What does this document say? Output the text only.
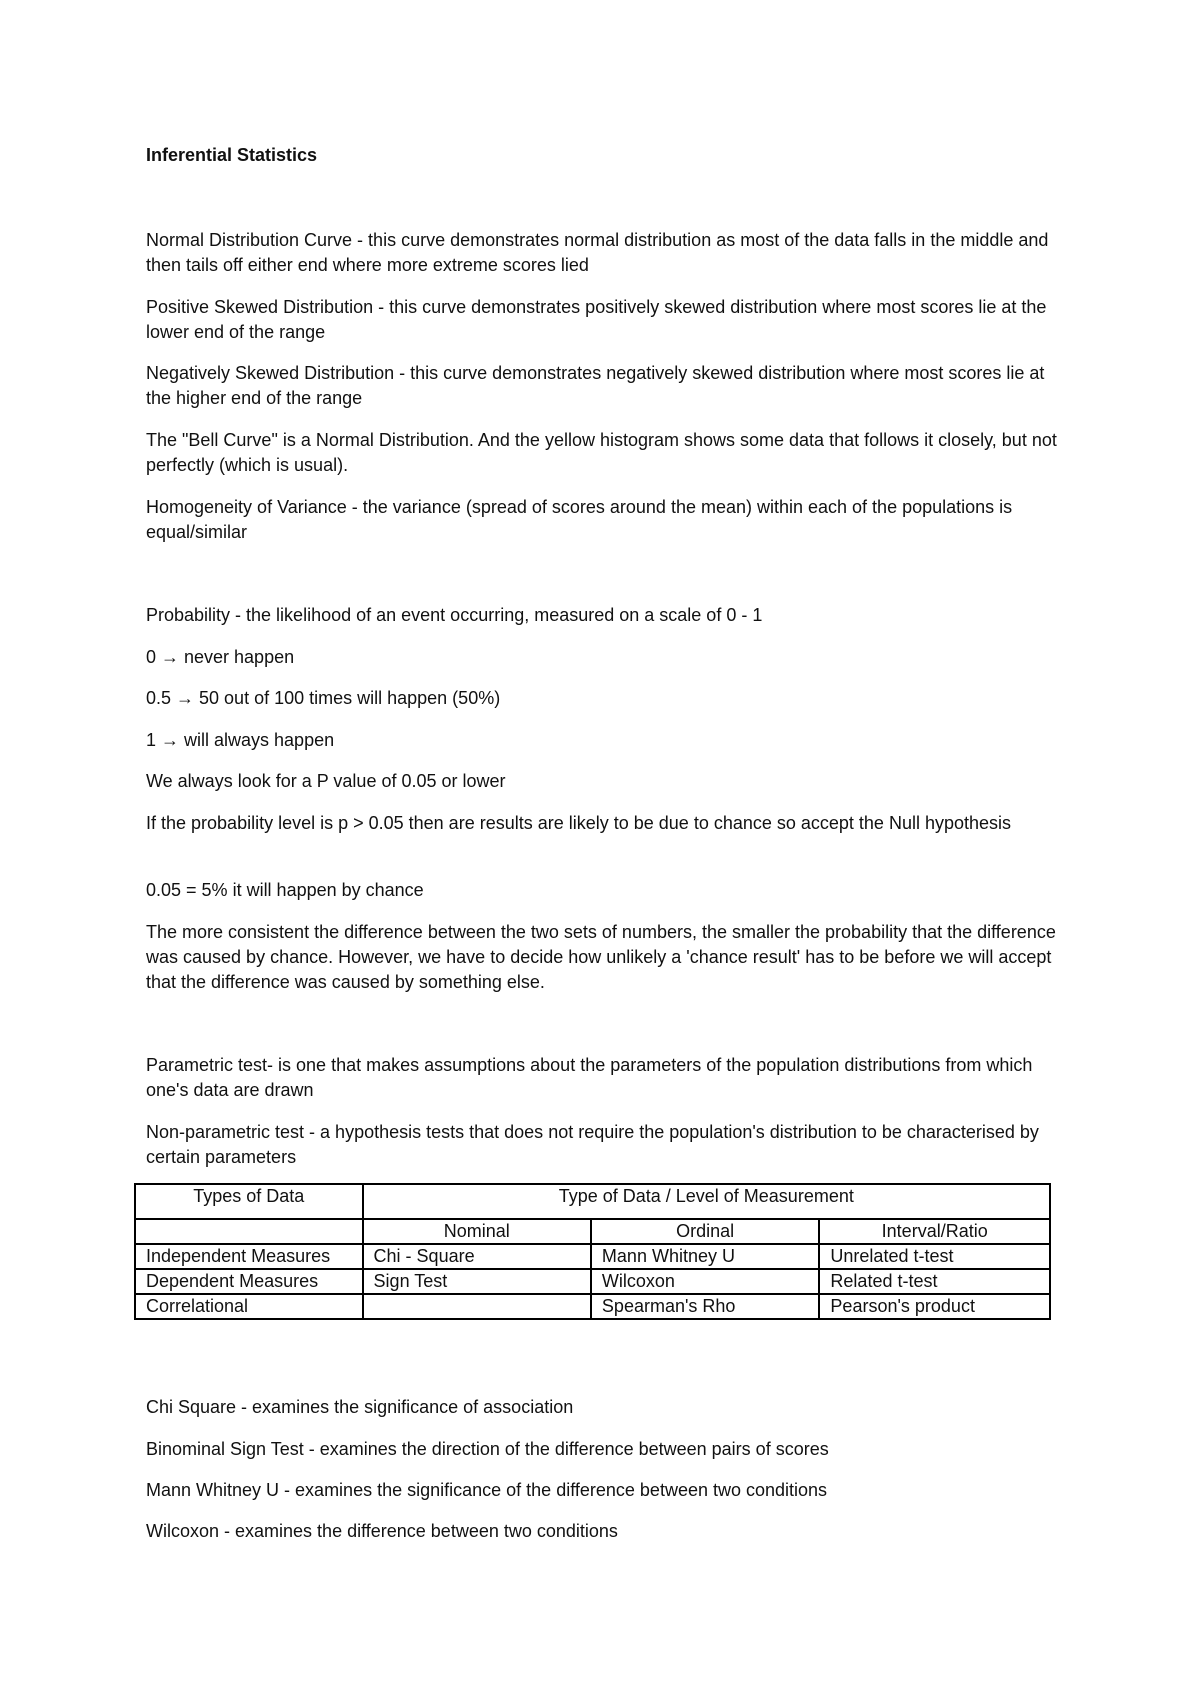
Inferential Statistics

Normal Distribution Curve - this curve demonstrates normal distribution as most of the data falls in the middle and then tails off either end where more extreme scores lied

Positive Skewed Distribution - this curve demonstrates positively skewed distribution where most scores lie at the lower end of the range

Negatively Skewed Distribution - this curve demonstrates negatively skewed distribution where most scores lie at the higher end of the range

The "Bell Curve" is a Normal Distribution. And the yellow histogram shows some data that follows it closely, but not perfectly (which is usual).

Homogeneity of Variance - the variance (spread of scores around the mean) within each of the populations is equal/similar

Probability - the likelihood of an event occurring, measured on a scale of 0 - 1

0 → never happen

0.5 → 50 out of 100 times will happen (50%)

1 → will always happen

We always look for a P value of 0.05 or lower

If the probability level is p > 0.05 then are results are likely to be due to chance so accept the Null hypothesis

0.05 = 5% it will happen by chance

The more consistent the difference between the two sets of numbers, the smaller the probability that the difference was caused by chance. However, we have to decide how unlikely a 'chance result' has to be before we will accept that the difference was caused by something else.

Parametric test- is one that makes assumptions about the parameters of the population distributions from which one's data are drawn

Non-parametric test - a hypothesis tests that does not require the population's distribution to be characterised by certain parameters

Types of Data	Type of Data / Level of Measurement		
	Nominal	Ordinal	Interval/Ratio
Independent Measures	Chi - Square	Mann Whitney U	Unrelated t-test
Dependent Measures	Sign Test	Wilcoxon	Related t-test
Correlational		Spearman's Rho	Pearson's product

Chi Square - examines the significance of association

Binominal Sign Test - examines the direction of the difference between pairs of scores

Mann Whitney U - examines the significance of the difference between two conditions

Wilcoxon - examines the difference between two conditions
